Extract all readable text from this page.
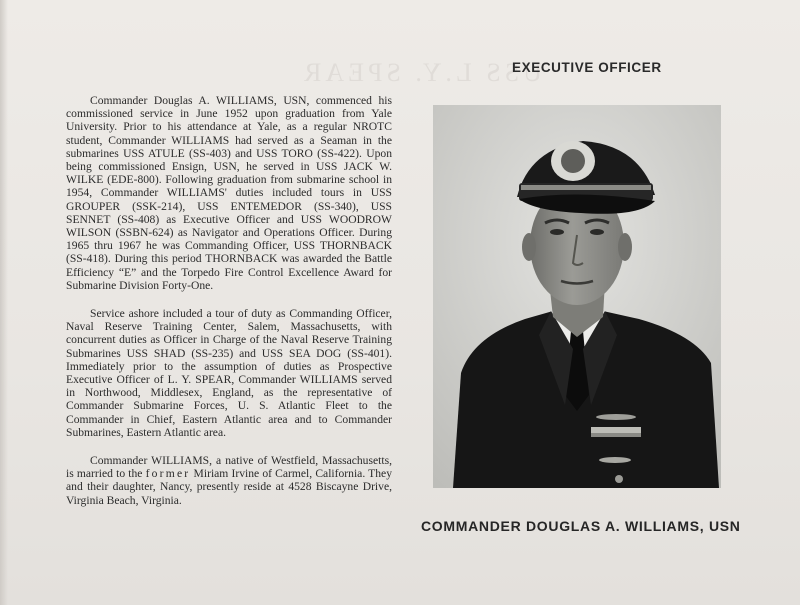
USS L.Y. SPEAR
EXECUTIVE OFFICER

Commander Douglas A. WILLIAMS, USN, commenced his commissioned service in June 1952 upon graduation from Yale University. Prior to his attendance at Yale, as a regular NROTC student, Commander WILLIAMS had served as a Seaman in the submarines USS ATULE (SS-403) and USS TORO (SS-422). Upon being commissioned Ensign, USN, he served in USS JACK W. WILKE (EDE-800). Following graduation from submarine school in 1954, Commander WILLIAMS' duties included tours in USS GROUPER (SSK-214), USS ENTEMEDOR (SS-340), USS SENNET (SS-408) as Executive Officer and USS WOODROW WILSON (SSBN-624) as Navigator and Operations Officer. During 1965 thru 1967 he was Commanding Officer, USS THORNBACK (SS-418). During this period THORNBACK was awarded the Battle Efficiency “E” and the Torpedo Fire Control Excellence Award for Submarine Division Forty-One.

Service ashore included a tour of duty as Commanding Officer, Naval Reserve Training Center, Salem, Massachusetts, with concurrent duties as Officer in Charge of the Naval Reserve Training Submarines USS SHAD (SS-235) and USS SEA DOG (SS-401). Immediately prior to the assumption of duties as Prospective Executive Officer of L. Y. SPEAR, Commander WILLIAMS served in Northwood, Middlesex, England, as the representative of Commander Submarine Forces, U. S. Atlantic Fleet to the Commander in Chief, Eastern Atlantic area and to Commander Submarines, Eastern Atlantic area.

Commander WILLIAMS, a native of Westfield, Massachusetts, is married to the former Miriam Irvine of Carmel, California. They and their daughter, Nancy, presently reside at 4528 Biscayne Drive, Virginia Beach, Virginia.

COMMANDER DOUGLAS A. WILLIAMS, USN
